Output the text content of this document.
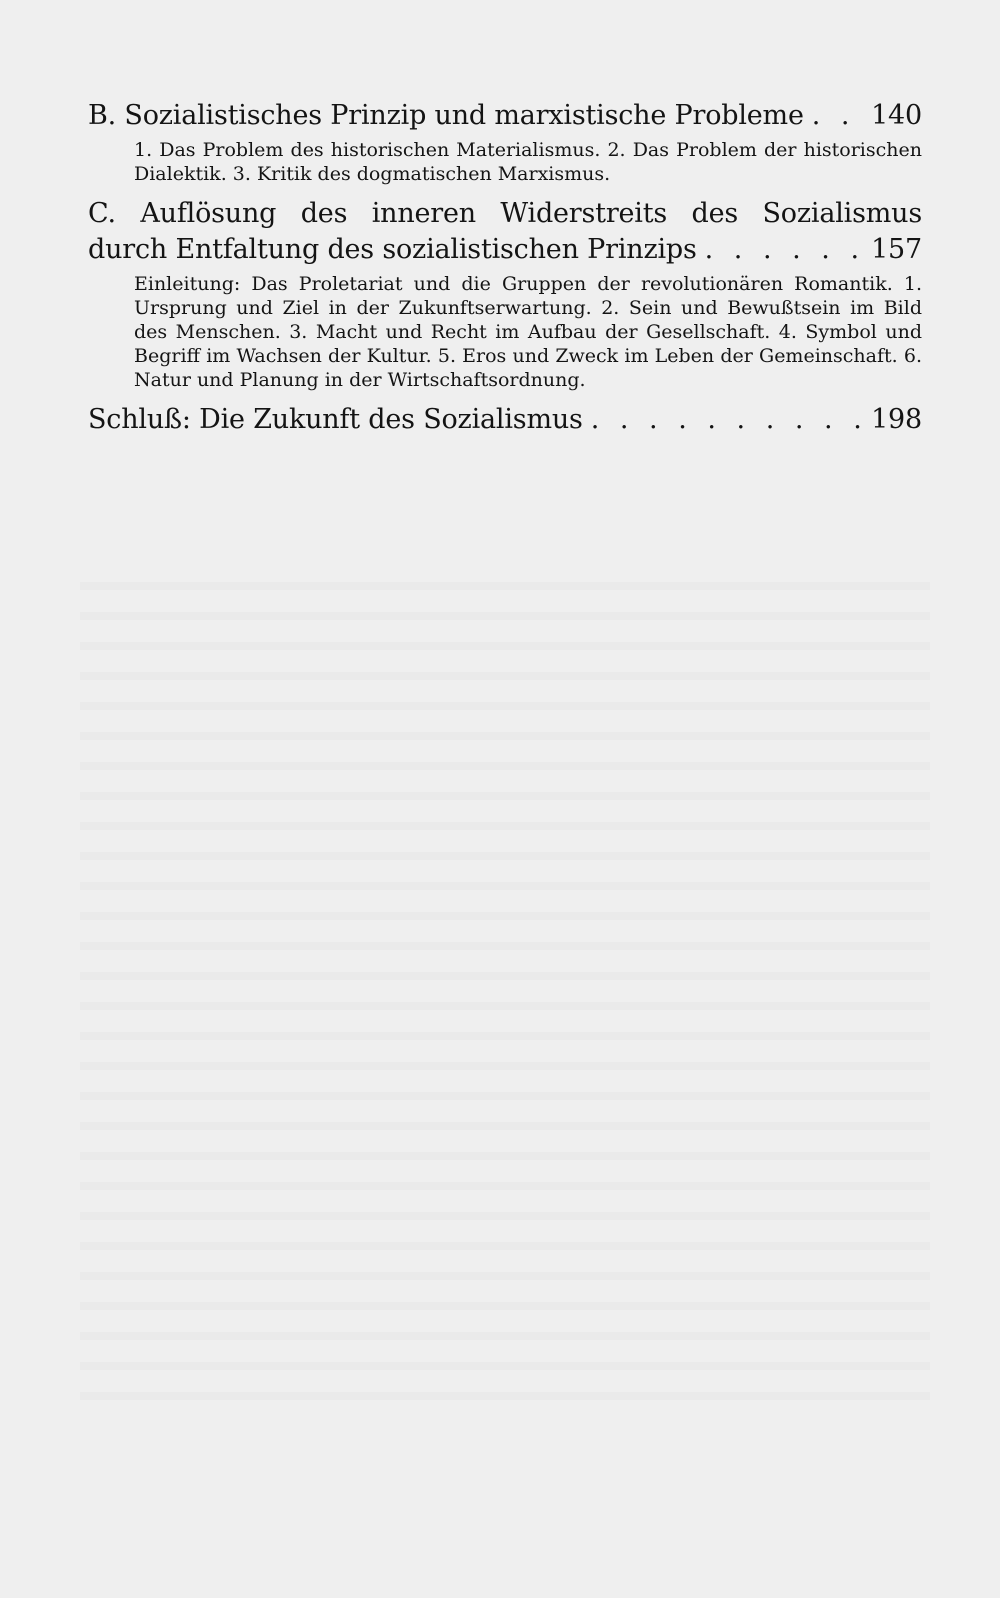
B. Sozialistisches Prinzip und marxistische Probleme . . . 140
1. Das Problem des historischen Materialismus. 2. Das Problem der historischen Dialektik. 3. Kritik des dogmatischen Marxismus.
C. Auflösung des inneren Widerstreits des Sozialismus
durch Entfaltung des sozialistischen Prinzips . . .	157
Einleitung: Das Proletariat und die Gruppen der revolutionären Romantik. 1. Ursprung und Ziel in der Zukunftserwartung. 2. Sein und Bewußtsein im Bild des Menschen. 3. Macht und Recht im Aufbau der Gesellschaft. 4. Symbol und Begriff im Wachsen der Kultur. 5. Eros und Zweck im Leben der Gemeinschaft. 6. Natur und Planung in der Wirtschaftsordnung.
Schluß: Die Zukunft des Sozialismus . . .	198
